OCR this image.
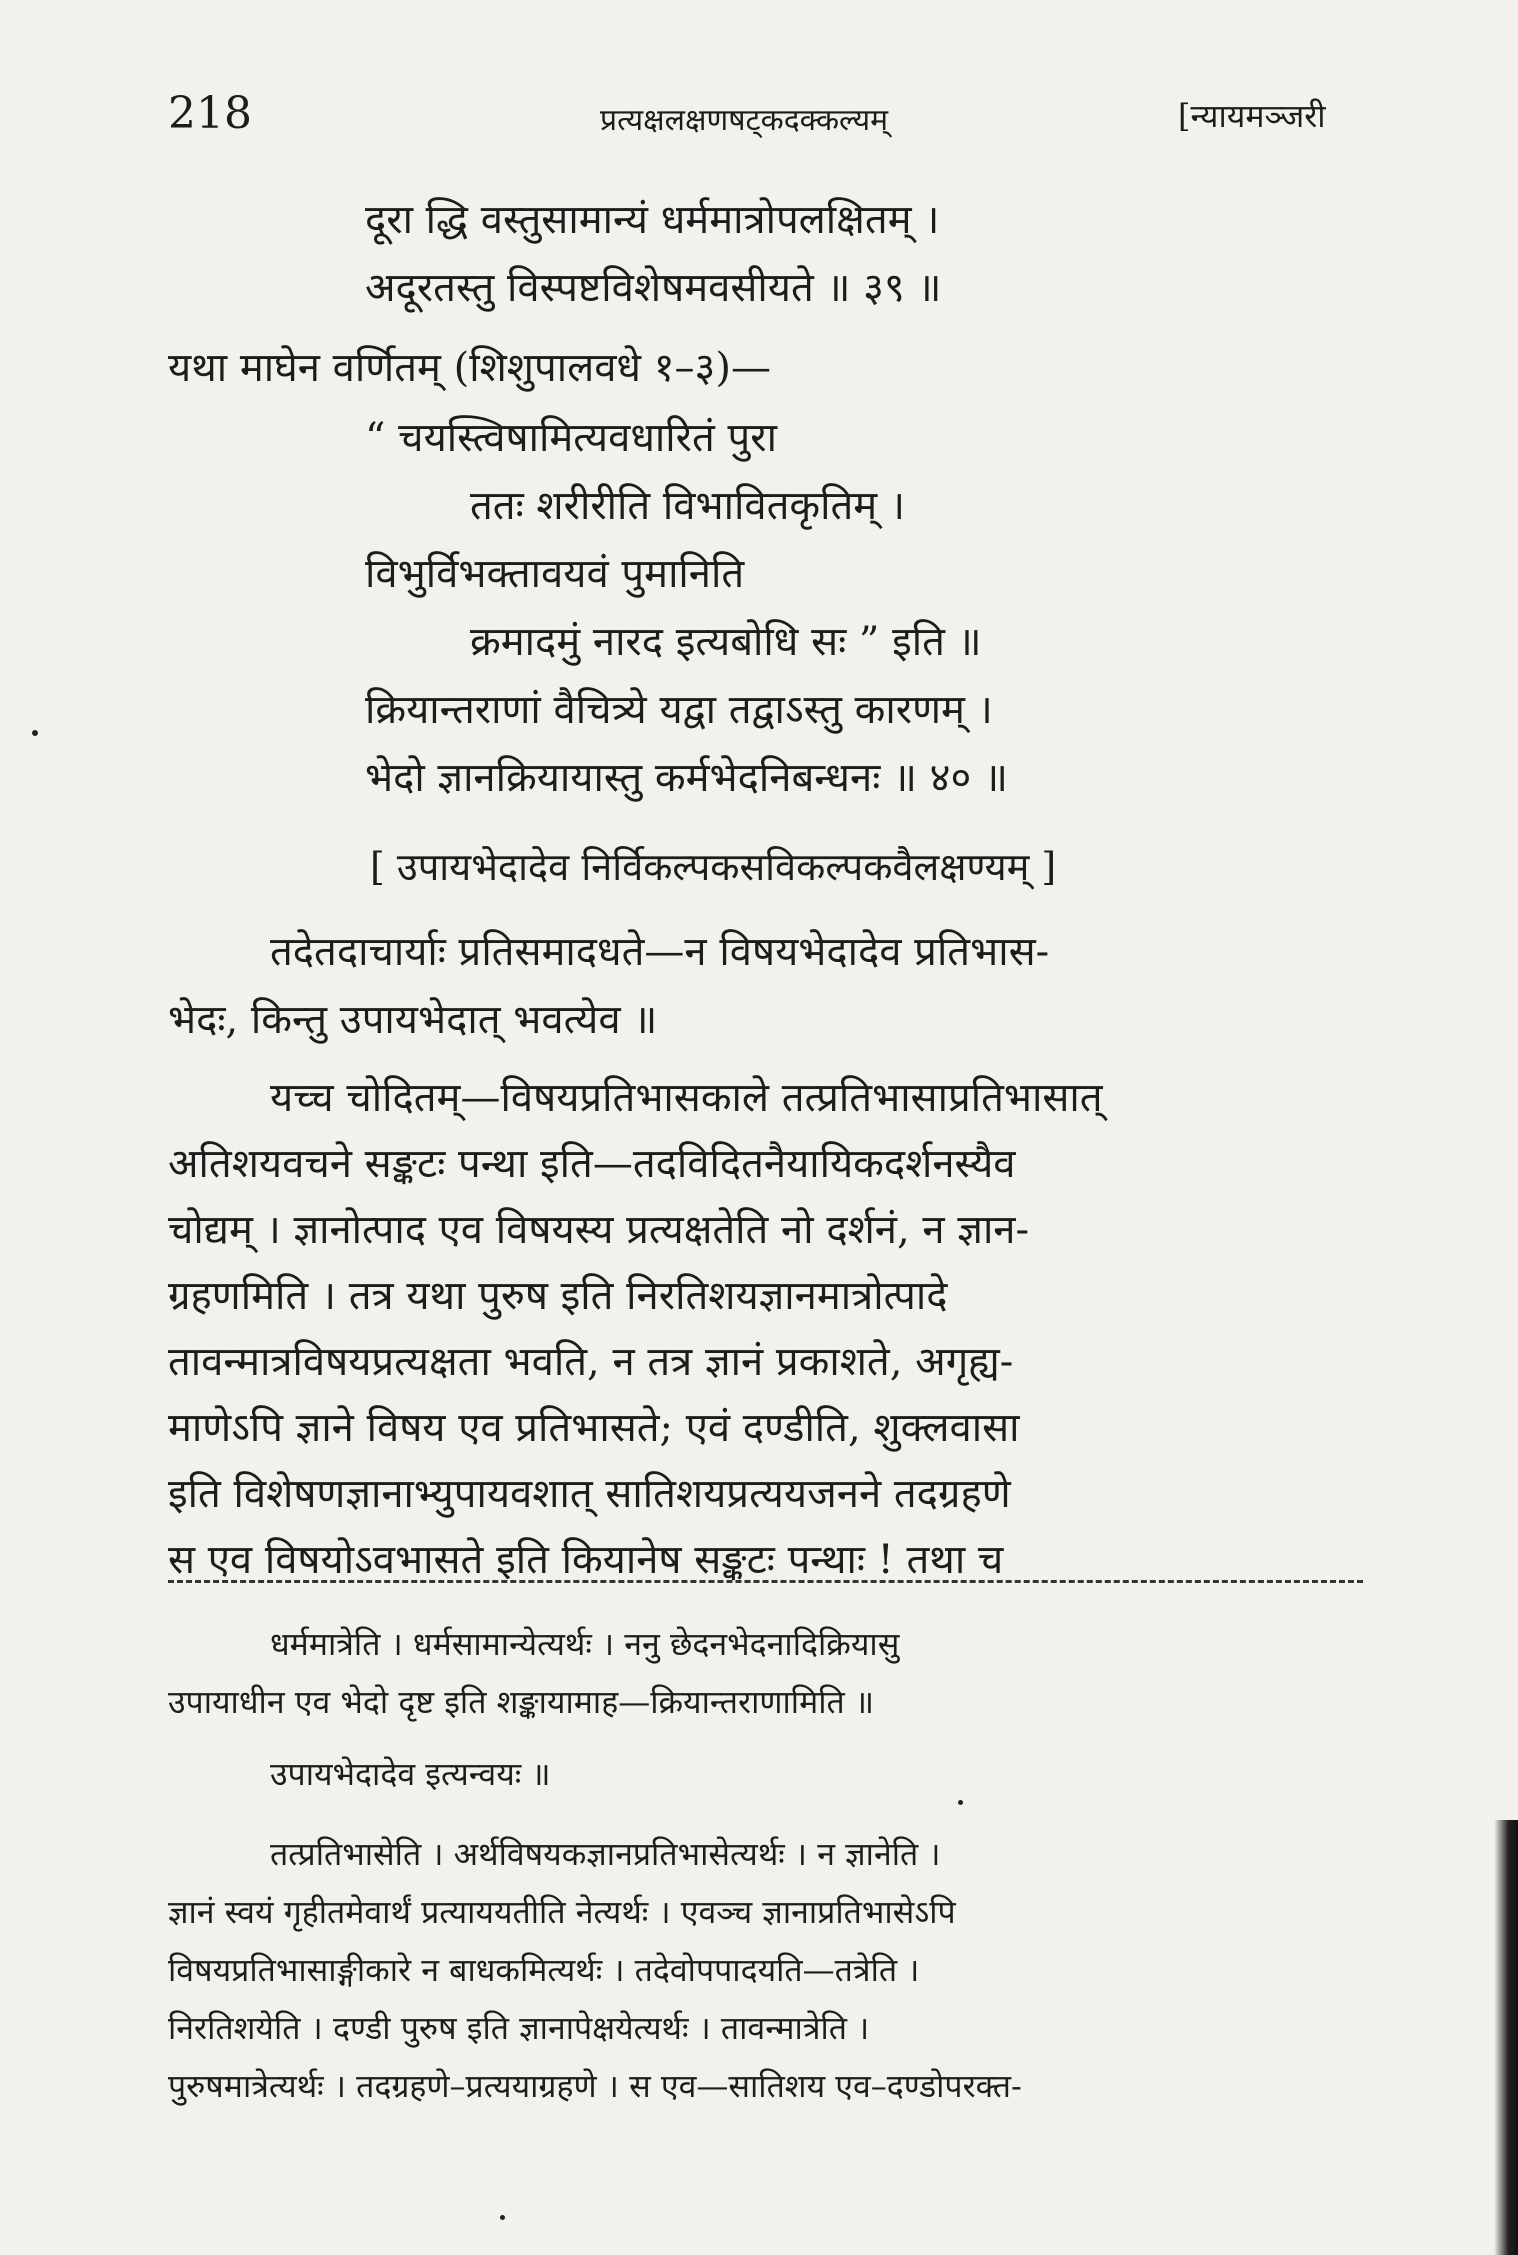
218	प्रत्यक्षलक्षणषट्कदक्कल्यम्	[न्यायमञ्जरी
दूरा द्धि वस्तुसामान्यं धर्ममात्रोपलक्षितम् ।
अदूरतस्तु विस्पष्टविशेषमवसीयते ॥ ३९ ॥
यथा माघेन वर्णितम् (शिशुपालवधे १–३)—
“ चयस्त्विषामित्यवधारितं पुरा
ततः शरीरीति विभावितकृतिम् ।
विभुर्विभक्तावयवं पुमानिति
क्रमादमुं नारद इत्यबोधि सः ” इति ॥
क्रियान्तराणां वैचित्र्ये यद्वा तद्वाऽस्तु कारणम् ।
भेदो ज्ञानक्रियायास्तु कर्मभेदनिबन्धनः ॥ ४० ॥
[ उपायभेदादेव निर्विकल्पकसविकल्पकवैलक्षण्यम् ]
तदेतदाचार्याः प्रतिसमादधते—न विषयभेदादेव प्रतिभास-
भेदः, किन्तु उपायभेदात् भवत्येव ॥
यच्च चोदितम्—विषयप्रतिभासकाले तत्प्रतिभासाप्रतिभासात्
अतिशयवचने सङ्कटः पन्था इति—तदविदितनैयायिकदर्शनस्यैव
चोद्यम् । ज्ञानोत्पाद एव विषयस्य प्रत्यक्षतेति नो दर्शनं, न ज्ञान-
ग्रहणमिति । तत्र यथा पुरुष इति निरतिशयज्ञानमात्रोत्पादे
तावन्मात्रविषयप्रत्यक्षता भवति, न तत्र ज्ञानं प्रकाशते, अगृह्य-
माणेऽपि ज्ञाने विषय एव प्रतिभासते; एवं दण्डीति, शुक्लवासा
इति विशेषणज्ञानाभ्युपायवशात् सातिशयप्रत्ययजनने तदग्रहणे
स एव विषयोऽवभासते इति कियानेष सङ्कटः पन्थाः ! तथा च
धर्ममात्रेति । धर्मसामान्येत्यर्थः । ननु छेदनभेदनादिक्रियासु
उपायाधीन एव भेदो दृष्ट इति शङ्कायामाह—क्रियान्तराणामिति ॥
उपायभेदादेव इत्यन्वयः ॥
तत्प्रतिभासेति । अर्थविषयकज्ञानप्रतिभासेत्यर्थः । न ज्ञानेति ।
ज्ञानं स्वयं गृहीतमेवार्थं प्रत्याययतीति नेत्यर्थः । एवञ्च ज्ञानाप्रतिभासेऽपि
विषयप्रतिभासाङ्गीकारे न बाधकमित्यर्थः । तदेवोपपादयति—तत्रेति ।
निरतिशयेति । दण्डी पुरुष इति ज्ञानापेक्षयेत्यर्थः । तावन्मात्रेति ।
पुरुषमात्रेत्यर्थः । तदग्रहणे–प्रत्ययाग्रहणे । स एव—सातिशय एव–दण्डोपरक्त-
